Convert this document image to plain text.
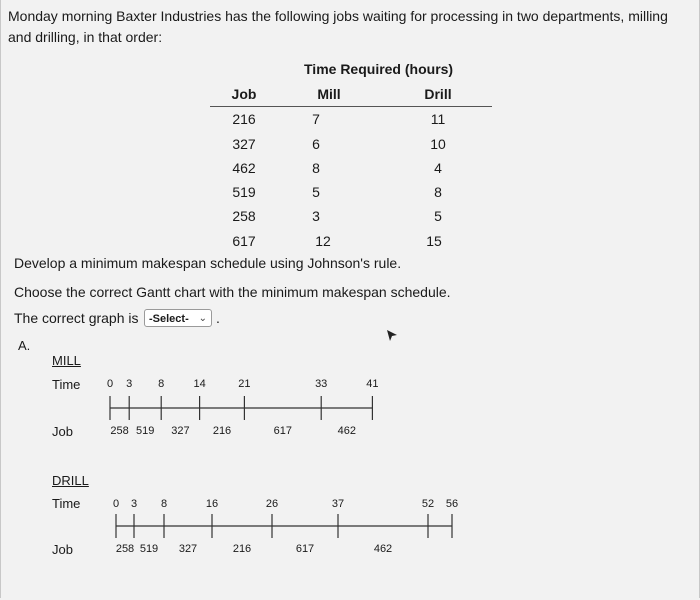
Monday morning Baxter Industries has the following jobs waiting for processing in two departments, milling and drilling, in that order:
Time Required (hours)
Job	Mill	Drill
216	7	11
327	6	10
462	8	4
519	5	8
258	3	5
617	12	15
Develop a minimum makespan schedule using Johnson's rule.
Choose the correct Gantt chart with the minimum makespan schedule.
The correct graph is -Select- ⌄ .
A.
MILL
Time
Job
0 3 8	14	21	33	41
258 519 327 216	617	462
DRILL
Time
Job
0 3 8	16	26	37	52 56
258 519 327	216	617	462
